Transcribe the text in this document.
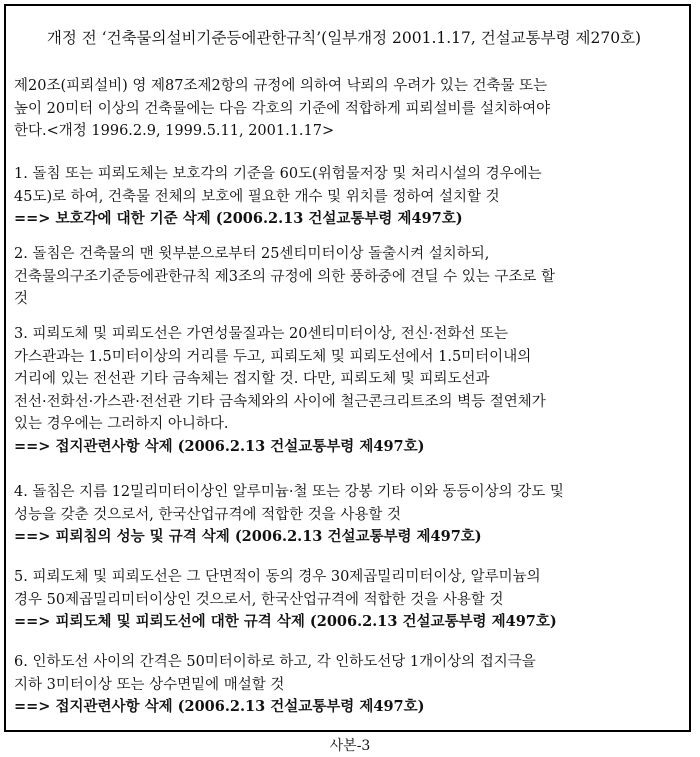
개정 전 ‘건축물의설비기준등에관한규칙’(일부개정 2001.1.17, 건설교통부령 제270호)
제20조(피뢰설비) 영 제87조제2항의 규정에 의하여 낙뢰의 우려가 있는 건축물 또는
높이 20미터 이상의 건축물에는 다음 각호의 기준에 적합하게 피뢰설비를 설치하여야
한다.<개정 1996.2.9, 1999.5.11, 2001.1.17>
1. 돌침 또는 피뢰도체는 보호각의 기준을 60도(위험물저장 및 처리시설의 경우에는
45도)로 하여, 건축물 전체의 보호에 필요한 개수 및 위치를 정하여 설치할 것
==> 보호각에 대한 기준 삭제 (2006.2.13 건설교통부령 제497호)
2. 돌침은 건축물의 맨 윗부분으로부터 25센티미터이상 돌출시켜 설치하되,
건축물의구조기준등에관한규칙 제3조의 규정에 의한 풍하중에 견딜 수 있는 구조로 할
것
3. 피뢰도체 및 피뢰도선은 가연성물질과는 20센티미터이상, 전신·전화선 또는
가스관과는 1.5미터이상의 거리를 두고, 피뢰도체 및 피뢰도선에서 1.5미터이내의
거리에 있는 전선관 기타 금속체는 접지할 것. 다만, 피뢰도체 및 피뢰도선과
전선·전화선·가스관·전선관 기타 금속체와의 사이에 철근콘크리트조의 벽등 절연체가
있는 경우에는 그러하지 아니하다.
==> 접지관련사항 삭제 (2006.2.13 건설교통부령 제497호)
4. 돌침은 지름 12밀리미터이상인 알루미늄·철 또는 강봉 기타 이와 동등이상의 강도 및
성능을 갖춘 것으로서, 한국산업규격에 적합한 것을 사용할 것
==> 피뢰침의 성능 및 규격 삭제 (2006.2.13 건설교통부령 제497호)
5. 피뢰도체 및 피뢰도선은 그 단면적이 동의 경우 30제곱밀리미터이상, 알루미늄의
경우 50제곱밀리미터이상인 것으로서, 한국산업규격에 적합한 것을 사용할 것
==> 피뢰도체 및 피뢰도선에 대한 규격 삭제 (2006.2.13 건설교통부령 제497호)
6. 인하도선 사이의 간격은 50미터이하로 하고, 각 인하도선당 1개이상의 접지극을
지하 3미터이상 또는 상수면밑에 매설할 것
==> 접지관련사항 삭제 (2006.2.13 건설교통부령 제497호)
사본-3
